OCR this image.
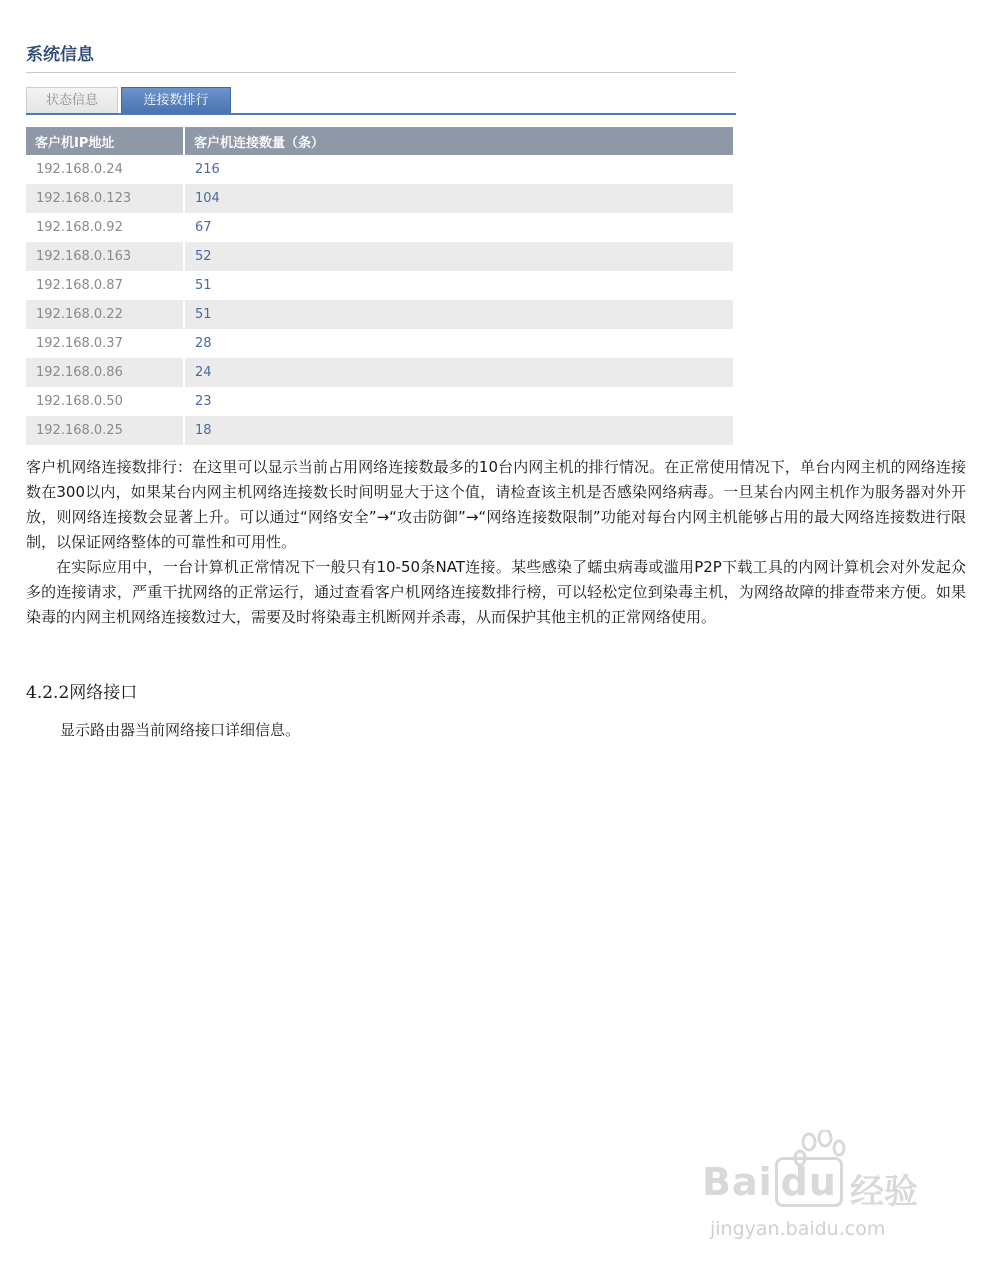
系统信息
状态信息	连接数排行
客户机IP地址	客户机连接数量（条）
192.168.0.24	216
192.168.0.123	104
192.168.0.92	67
192.168.0.163	52
192.168.0.87	51
192.168.0.22	51
192.168.0.37	28
192.168.0.86	24
192.168.0.50	23
192.168.0.25	18

客户机网络连接数排行：在这里可以显示当前占用网络连接数最多的10台内网主机的排行情况。在正常使用情况下，单台内网主机的网络连接数在300以内，如果某台内网主机网络连接数长时间明显大于这个值，请检查该主机是否感染网络病毒。一旦某台内网主机作为服务器对外开放，则网络连接数会显著上升。可以通过“网络安全”→“攻击防御”→“网络连接数限制”功能对每台内网主机能够占用的最大网络连接数进行限制，以保证网络整体的可靠性和可用性。

在实际应用中，一台计算机正常情况下一般只有10-50条NAT连接。某些感染了蠕虫病毒或滥用P2P下载工具的内网计算机会对外发起众多的连接请求，严重干扰网络的正常运行，通过查看客户机网络连接数排行榜，可以轻松定位到染毒主机，为网络故障的排查带来方便。如果染毒的内网主机网络连接数过大，需要及时将染毒主机断网并杀毒，从而保护其他主机的正常网络使用。

4.2.2网络接口
显示路由器当前网络接口详细信息。
Bai du 经验
jingyan.baidu.com
